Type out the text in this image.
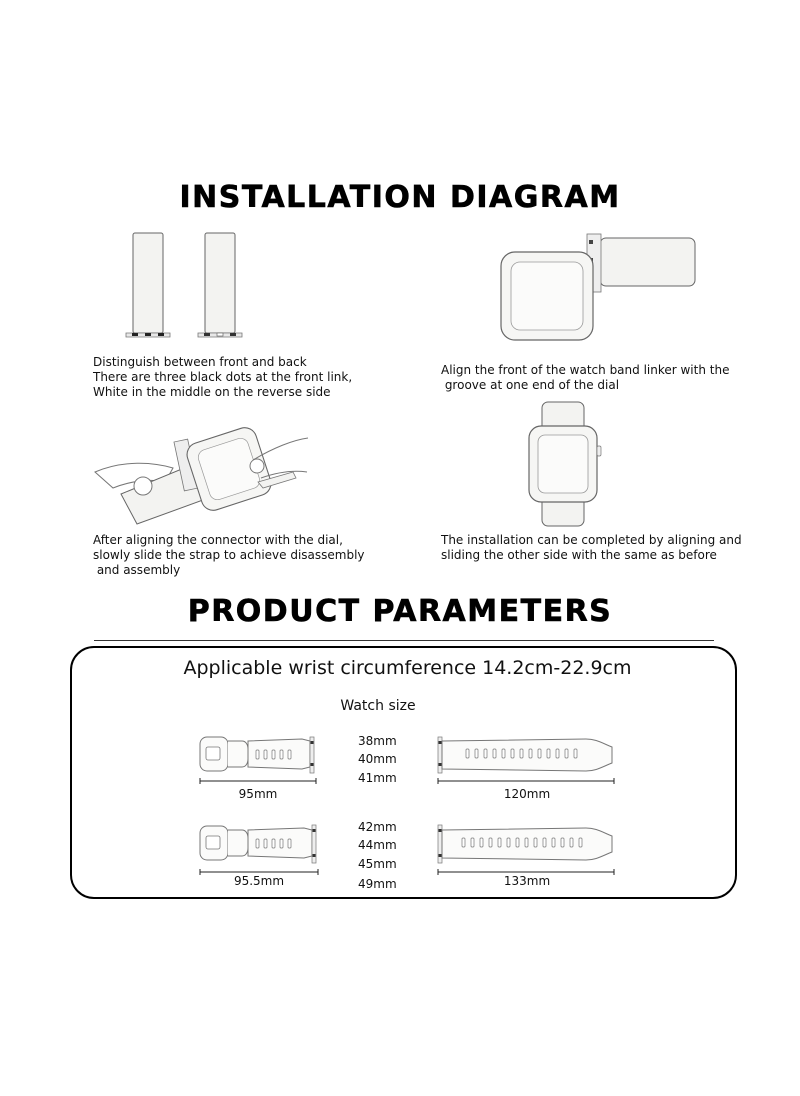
INSTALLATION DIAGRAM
Distinguish between front and back
There are three black dots at the front link,
White in the middle on the reverse side
Align the front of the watch band linker with the
groove at one end of the dial
After aligning the connector with the dial,
slowly slide the strap to achieve disassembly
and assembly
The installation can be completed by aligning and
sliding the other side with the same as before
PRODUCT PARAMETERS
Applicable wrist circumference 14.2cm-22.9cm
Watch size
95mm
38mm
40mm
41mm
120mm
95.5mm
42mm
44mm
45mm
49mm	133mm
